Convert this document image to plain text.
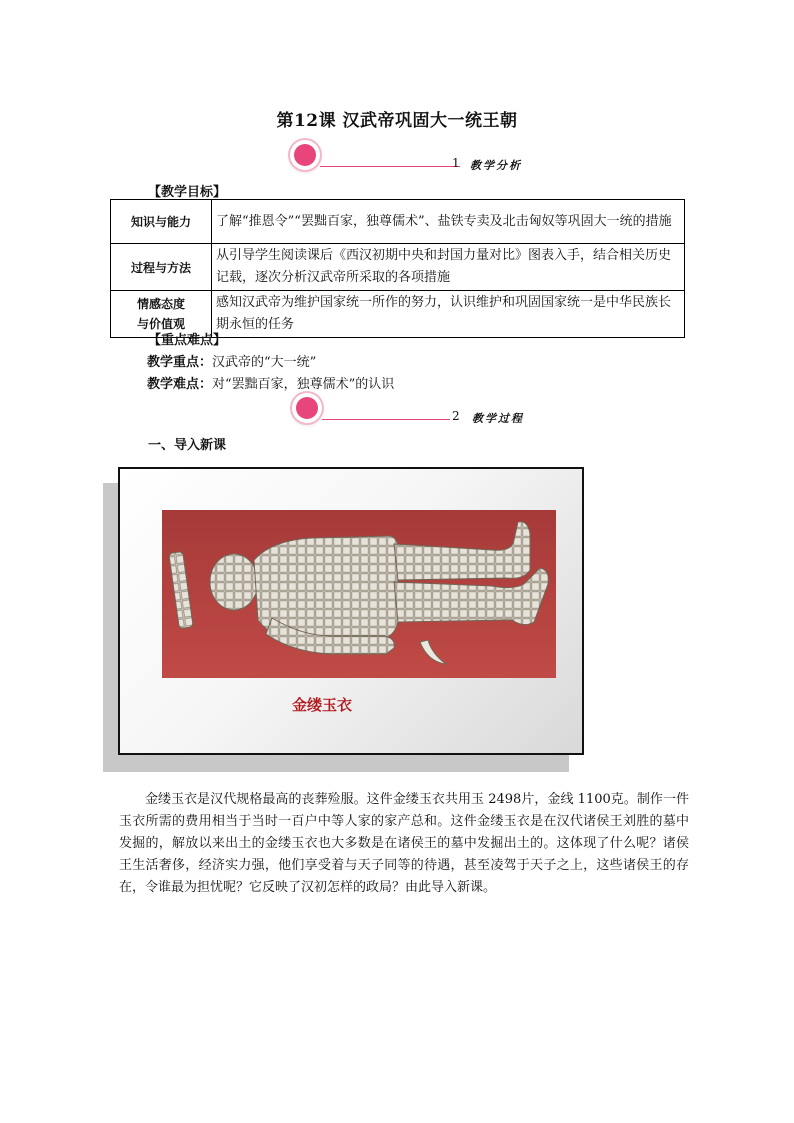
第12课 汉武帝巩固大一统王朝
1 教学分析
【教学目标】
知识与能力	了解“推恩令”“罢黜百家，独尊儒术”、盐铁专卖及北击匈奴等巩固大一统的措施
过程与方法	从引导学生阅读课后《西汉初期中央和封国力量对比》图表入手，结合相关历史记载，逐次分析汉武帝所采取的各项措施

情感态度
与价值观	感知汉武帝为维护国家统一所作的努力，认识维护和巩固国家统一是中华民族长期永恒的任务
【重点难点】
教学重点：汉武帝的“大一统”
教学难点：对“罢黜百家，独尊儒术”的认识
2 教学过程
一、导入新课
金缕玉衣
金缕玉衣是汉代规格最高的丧葬殓服。这件金缕玉衣共用玉 2498片，金线 1100克。制作一件玉衣所需的费用相当于当时一百户中等人家的家产总和。这件金缕玉衣是在汉代诸侯王刘胜的墓中发掘的，解放以来出土的金缕玉衣也大多数是在诸侯王的墓中发掘出土的。这体现了什么呢？诸侯王生活奢侈，经济实力强，他们享受着与天子同等的待遇，甚至凌驾于天子之上，这些诸侯王的存在，令谁最为担忧呢？它反映了汉初怎样的政局？由此导入新课。
